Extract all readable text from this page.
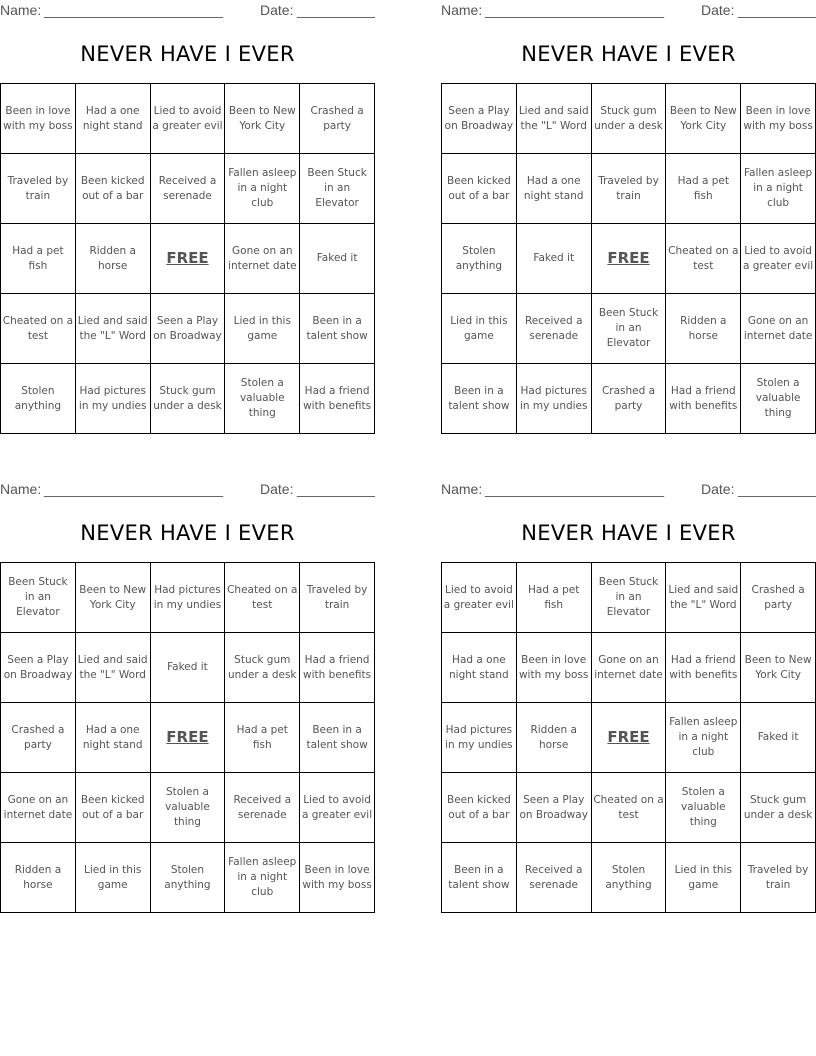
Name: _______________________	Date: __________
NEVER HAVE I EVER
Been in love with my boss	Had a one night stand	Lied to avoid a greater evil	Been to New York City	Crashed a party

Traveled by train	Been kicked out of a bar	Received a serenade	Fallen asleep in a night club	Been Stuck in an Elevator

Had a pet fish	Ridden a horse	FREE	Gone on an internet date	Faked it

Cheated on a test	Lied and said the "L" Word	Seen a Play on Broadway	Lied in this game	Been in a talent show

Stolen anything	Had pictures in my undies	Stuck gum under a desk	Stolen a valuable thing	Had a friend with benefits
Name: _______________________	Date: __________
NEVER HAVE I EVER
Seen a Play on Broadway	Lied and said the "L" Word	Stuck gum under a desk	Been to New York City	Been in love with my boss

Been kicked out of a bar	Had a one night stand	Traveled by train	Had a pet fish	Fallen asleep in a night club

Stolen anything	Faked it	FREE	Cheated on a test	Lied to avoid a greater evil

Lied in this game	Received a serenade	Been Stuck in an Elevator	Ridden a horse	Gone on an internet date

Been in a talent show	Had pictures in my undies	Crashed a party	Had a friend with benefits	Stolen a valuable thing
Name: _______________________	Date: __________
NEVER HAVE I EVER
Been Stuck in an Elevator	Been to New York City	Had pictures in my undies	Cheated on a test	Traveled by train

Seen a Play on Broadway	Lied and said the "L" Word	Faked it	Stuck gum under a desk	Had a friend with benefits

Crashed a party	Had a one night stand	FREE	Had a pet fish	Been in a talent show

Gone on an internet date	Been kicked out of a bar	Stolen a valuable thing	Received a serenade	Lied to avoid a greater evil

Ridden a horse	Lied in this game	Stolen anything	Fallen asleep in a night club	Been in love with my boss
Name: _______________________	Date: __________
NEVER HAVE I EVER
Lied to avoid a greater evil	Had a pet fish	Been Stuck in an Elevator	Lied and said the "L" Word	Crashed a party

Had a one night stand	Been in love with my boss	Gone on an internet date	Had a friend with benefits	Been to New York City

Had pictures in my undies	Ridden a horse	FREE	Fallen asleep in a night club	Faked it

Been kicked out of a bar	Seen a Play on Broadway	Cheated on a test	Stolen a valuable thing	Stuck gum under a desk

Been in a talent show	Received a serenade	Stolen anything	Lied in this game	Traveled by train
